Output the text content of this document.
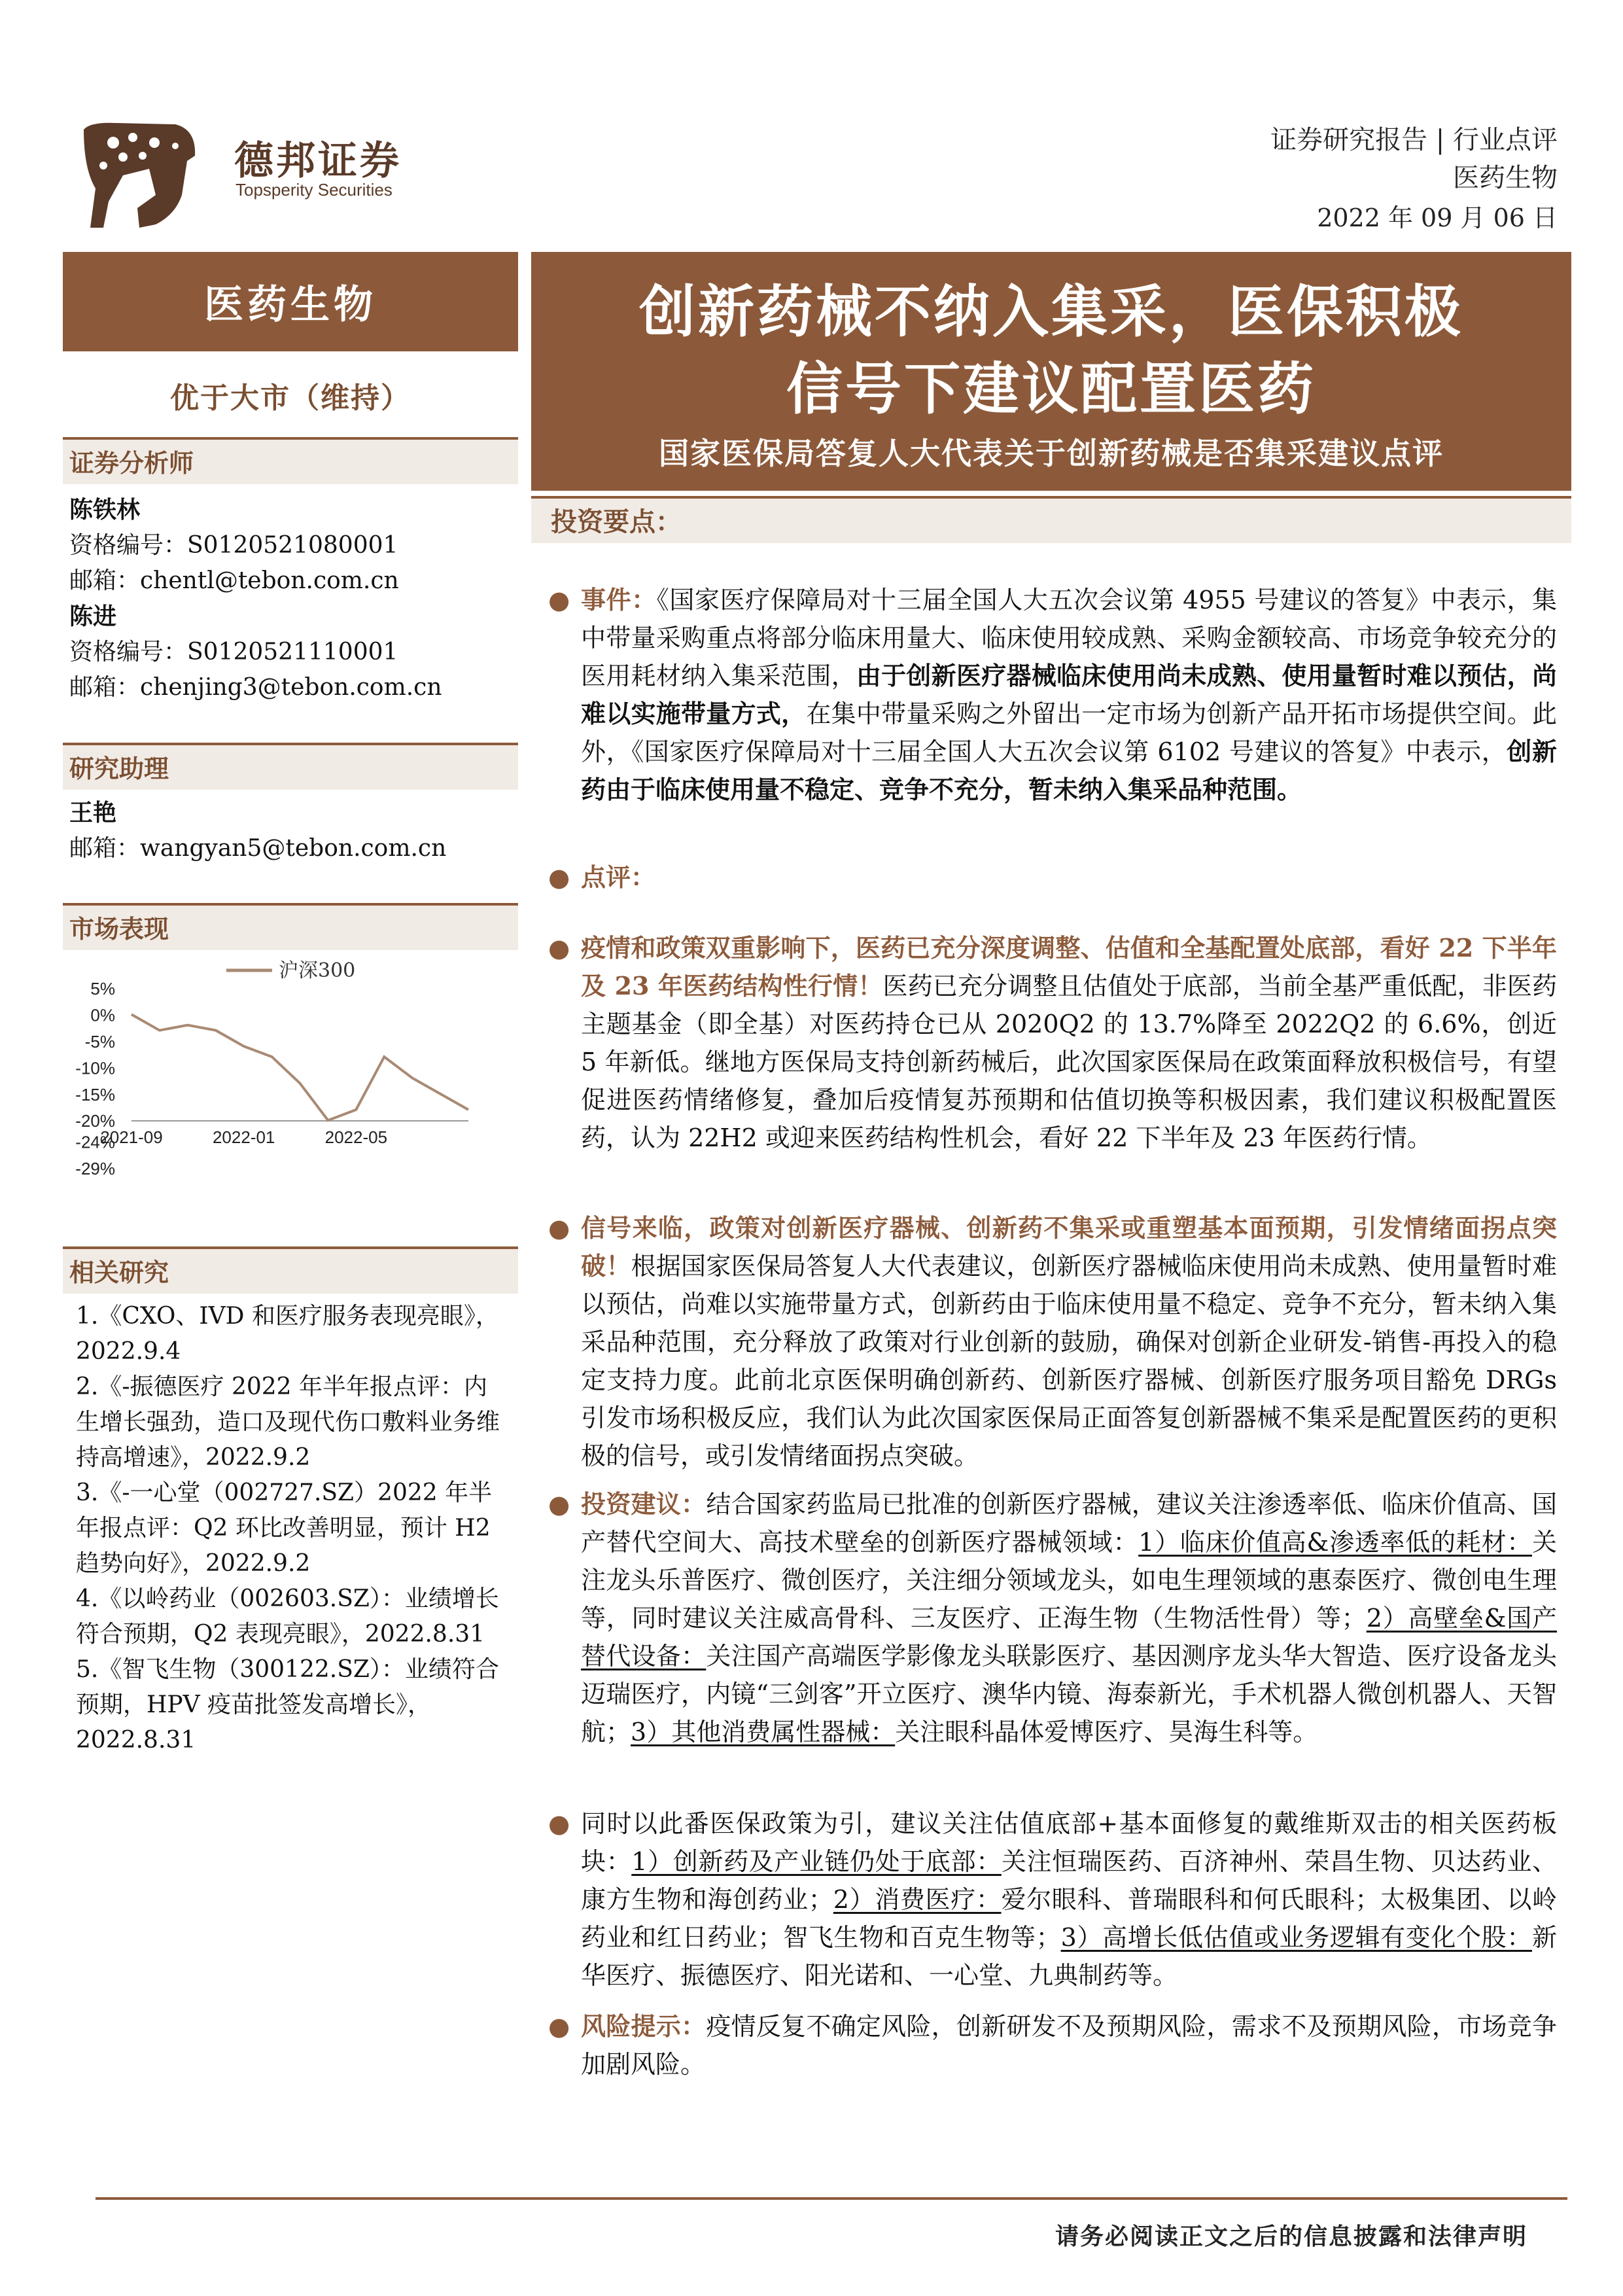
德邦证券
Topsperity Securities
证券研究报告 | 行业点评
医药生物
2022 年 09 月 06 日
医药生物
优于大市（维持）
证券分析师
陈铁林
资格编号：S0120521080001
邮箱：chentl@tebon.com.cn
陈进
资格编号：S0120521110001
邮箱：chenjing3@tebon.com.cn
研究助理
王艳
邮箱：wangyan5@tebon.com.cn
市场表现
5%
0%
-5%
-10%
-15%
-20%
-24%
-29%
2021-09	2022-01	2022-05
沪深300
相关研究
1.《CXO、IVD 和医疗服务表现亮眼》，2022.9.4
2.《-振德医疗 2022 年半年报点评：内生增长强劲，造口及现代伤口敷料业务维持高增速》，2022.9.2
3.《-一心堂（002727.SZ）2022 年半年报点评：Q2 环比改善明显，预计 H2 趋势向好》，2022.9.2
4.《以岭药业（002603.SZ）：业绩增长符合预期，Q2 表现亮眼》，2022.8.31
5.《智飞生物（300122.SZ）：业绩符合预期，HPV 疫苗批签发高增长》，2022.8.31
创新药械不纳入集采，医保积极
信号下建议配置医药
国家医保局答复人大代表关于创新药械是否集采建议点评
投资要点：
● 事件：《国家医疗保障局对十三届全国人大五次会议第 4955 号建议的答复》中表示，集中带量采购重点将部分临床用量大、临床使用较成熟、采购金额较高、市场竞争较充分的医用耗材纳入集采范围，由于创新医疗器械临床使用尚未成熟、使用量暂时难以预估，尚难以实施带量方式，在集中带量采购之外留出一定市场为创新产品开拓市场提供空间。此外，《国家医疗保障局对十三届全国人大五次会议第 6102 号建议的答复》中表示，创新药由于临床使用量不稳定、竞争不充分，暂未纳入集采品种范围。
● 点评：
● 疫情和政策双重影响下，医药已充分深度调整、估值和全基配置处底部，看好 22 下半年及 23 年医药结构性行情！医药已充分调整且估值处于底部，当前全基严重低配，非医药主题基金（即全基）对医药持仓已从 2020Q2 的 13.7%降至 2022Q2 的 6.6%，创近 5 年新低。继地方医保局支持创新药械后，此次国家医保局在政策面释放积极信号，有望促进医药情绪修复，叠加后疫情复苏预期和估值切换等积极因素，我们建议积极配置医药，认为 22H2 或迎来医药结构性机会，看好 22 下半年及 23 年医药行情。
● 信号来临，政策对创新医疗器械、创新药不集采或重塑基本面预期，引发情绪面拐点突破！根据国家医保局答复人大代表建议，创新医疗器械临床使用尚未成熟、使用量暂时难以预估，尚难以实施带量方式，创新药由于临床使用量不稳定、竞争不充分，暂未纳入集采品种范围，充分释放了政策对行业创新的鼓励，确保对创新企业研发-销售-再投入的稳定支持力度。此前北京医保明确创新药、创新医疗器械、创新医疗服务项目豁免 DRGs 引发市场积极反应，我们认为此次国家医保局正面答复创新器械不集采是配置医药的更积极的信号，或引发情绪面拐点突破。
● 投资建议：结合国家药监局已批准的创新医疗器械，建议关注渗透率低、临床价值高、国产替代空间大、高技术壁垒的创新医疗器械领域：1）临床价值高&渗透率低的耗材：关注龙头乐普医疗、微创医疗，关注细分领域龙头，如电生理领域的惠泰医疗、微创电生理等，同时建议关注威高骨科、三友医疗、正海生物（生物活性骨）等；2）高壁垒&国产替代设备：关注国产高端医学影像龙头联影医疗、基因测序龙头华大智造、医疗设备龙头迈瑞医疗，内镜“三剑客”开立医疗、澳华内镜、海泰新光，手术机器人微创机器人、天智航；3）其他消费属性器械：关注眼科晶体爱博医疗、昊海生科等。
● 同时以此番医保政策为引，建议关注估值底部+基本面修复的戴维斯双击的相关医药板块：1）创新药及产业链仍处于底部：关注恒瑞医药、百济神州、荣昌生物、贝达药业、康方生物和海创药业；2）消费医疗：爱尔眼科、普瑞眼科和何氏眼科；太极集团、以岭药业和红日药业；智飞生物和百克生物等；3）高增长低估值或业务逻辑有变化个股：新华医疗、振德医疗、阳光诺和、一心堂、九典制药等。
● 风险提示：疫情反复不确定风险，创新研发不及预期风险，需求不及预期风险，市场竞争加剧风险。
请务必阅读正文之后的信息披露和法律声明
